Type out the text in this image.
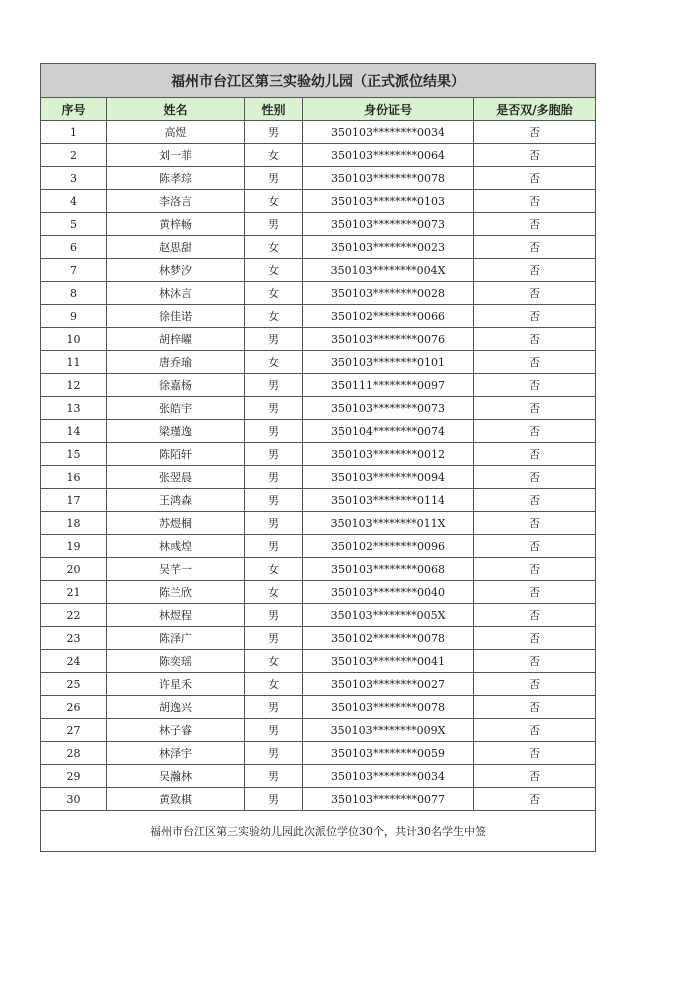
福州市台江区第三实验幼儿园（正式派位结果）				
序号	姓名	性别	身份证号	是否双/多胞胎
1	高煜	男	350103********0034	否
2	刘一菲	女	350103********0064	否
3	陈孝琮	男	350103********0078	否
4	李洛言	女	350103********0103	否
5	黄梓畅	男	350103********0073	否
6	赵思甜	女	350103********0023	否
7	林梦汐	女	350103********004X	否
8	林沐言	女	350103********0028	否
9	徐佳诺	女	350102********0066	否
10	胡梓曜	男	350103********0076	否
11	唐乔瑜	女	350103********0101	否
12	徐嘉杨	男	350111********0097	否
13	张皓宇	男	350103********0073	否
14	梁瑾逸	男	350104********0074	否
15	陈陌轩	男	350103********0012	否
16	张翌晨	男	350103********0094	否
17	王鸿森	男	350103********0114	否
18	苏煜桐	男	350103********011X	否
19	林彧煌	男	350102********0096	否
20	吴芊一	女	350103********0068	否
21	陈兰欣	女	350103********0040	否
22	林煜程	男	350103********005X	否
23	陈泽广	男	350102********0078	否
24	陈奕瑶	女	350103********0041	否
25	许星禾	女	350103********0027	否
26	胡逸兴	男	350103********0078	否
27	林子睿	男	350103********009X	否
28	林泽宇	男	350103********0059	否
29	吴瀚林	男	350103********0034	否
30	黄致棋	男	350103********0077	否
福州市台江区第三实验幼儿园此次派位学位30个，共计30名学生中签				
